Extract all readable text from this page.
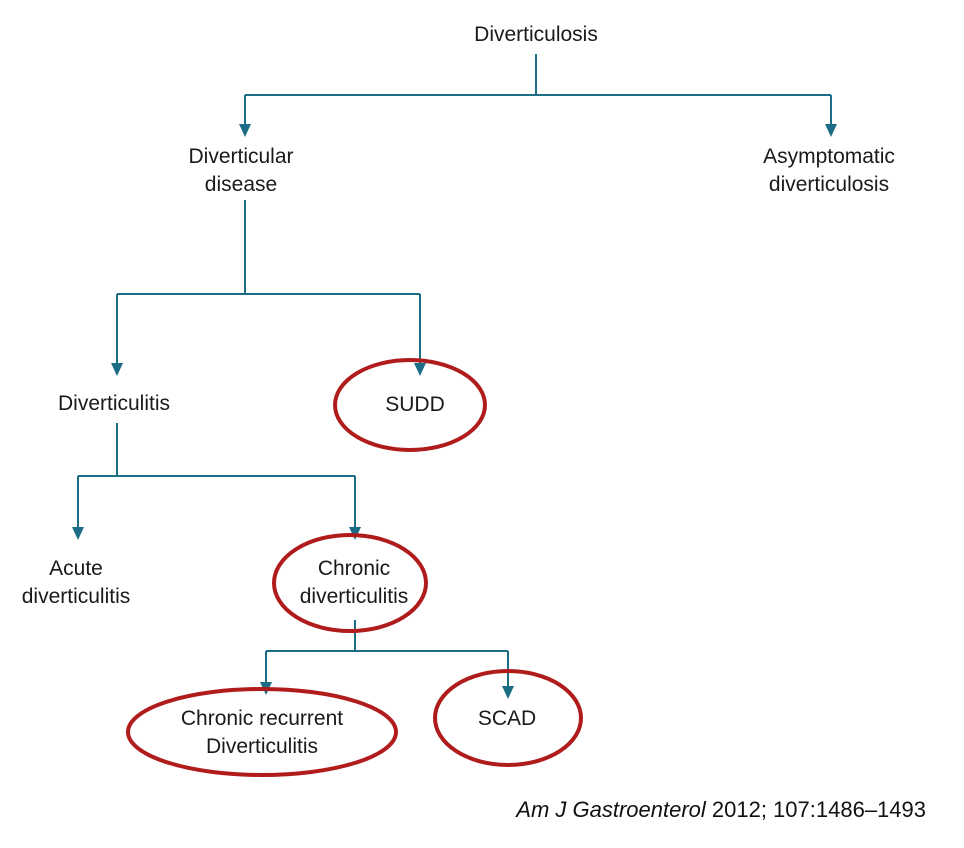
Diverticulosis
Diverticular
disease
Asymptomatic
diverticulosis
Diverticulitis	SUDD
Acute
diverticulitis
Chronic
diverticulitis
Chronic recurrent
Diverticulitis
SCAD
Am J Gastroenterol 2012; 107:1486–1493
